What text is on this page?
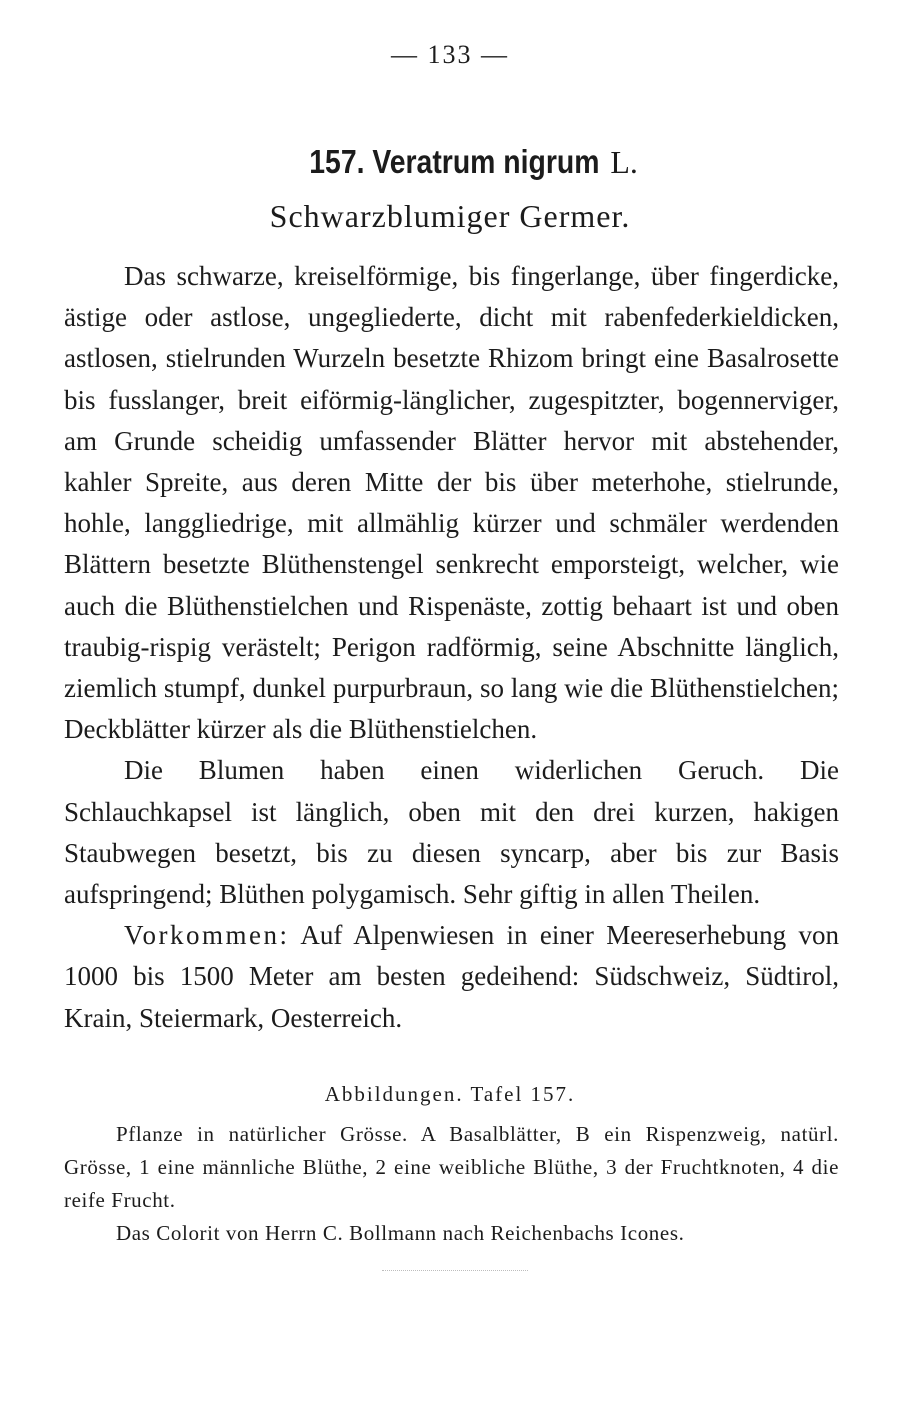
— 133 —
157. Veratrum nigrum L.
Schwarzblumiger Germer.

Das schwarze, kreiselförmige, bis fingerlange, über fingerdicke, ästige oder astlose, ungegliederte, dicht mit rabenfederkieldicken, astlosen, stielrunden Wurzeln besetzte Rhizom bringt eine Basalrosette bis fusslanger, breit eiförmig-länglicher, zugespitzter, bogennerviger, am Grunde scheidig umfassender Blätter hervor mit abstehender, kahler Spreite, aus deren Mitte der bis über meterhohe, stielrunde, hohle, langgliedrige, mit allmählig kürzer und schmäler werdenden Blättern besetzte Blüthenstengel senkrecht emporsteigt, welcher, wie auch die Blüthenstielchen und Rispenäste, zottig behaart ist und oben traubig-rispig verästelt; Perigon radförmig, seine Abschnitte länglich, ziemlich stumpf, dunkel purpurbraun, so lang wie die Blüthenstielchen; Deckblätter kürzer als die Blüthenstielchen.

Die Blumen haben einen widerlichen Geruch. Die Schlauchkapsel ist länglich, oben mit den drei kurzen, hakigen Staubwegen besetzt, bis zu diesen syncarp, aber bis zur Basis aufspringend; Blüthen polygamisch. Sehr giftig in allen Theilen.

Vorkommen: Auf Alpenwiesen in einer Meereserhebung von 1000 bis 1500 Meter am besten gedeihend: Südschweiz, Südtirol, Krain, Steiermark, Oesterreich.

Abbildungen. Tafel 157.

Pflanze in natürlicher Grösse. A Basalblätter, B ein Rispenzweig, natürl. Grösse, 1 eine männliche Blüthe, 2 eine weibliche Blüthe, 3 der Fruchtknoten, 4 die reife Frucht.

Das Colorit von Herrn C. Bollmann nach Reichenbachs Icones.
